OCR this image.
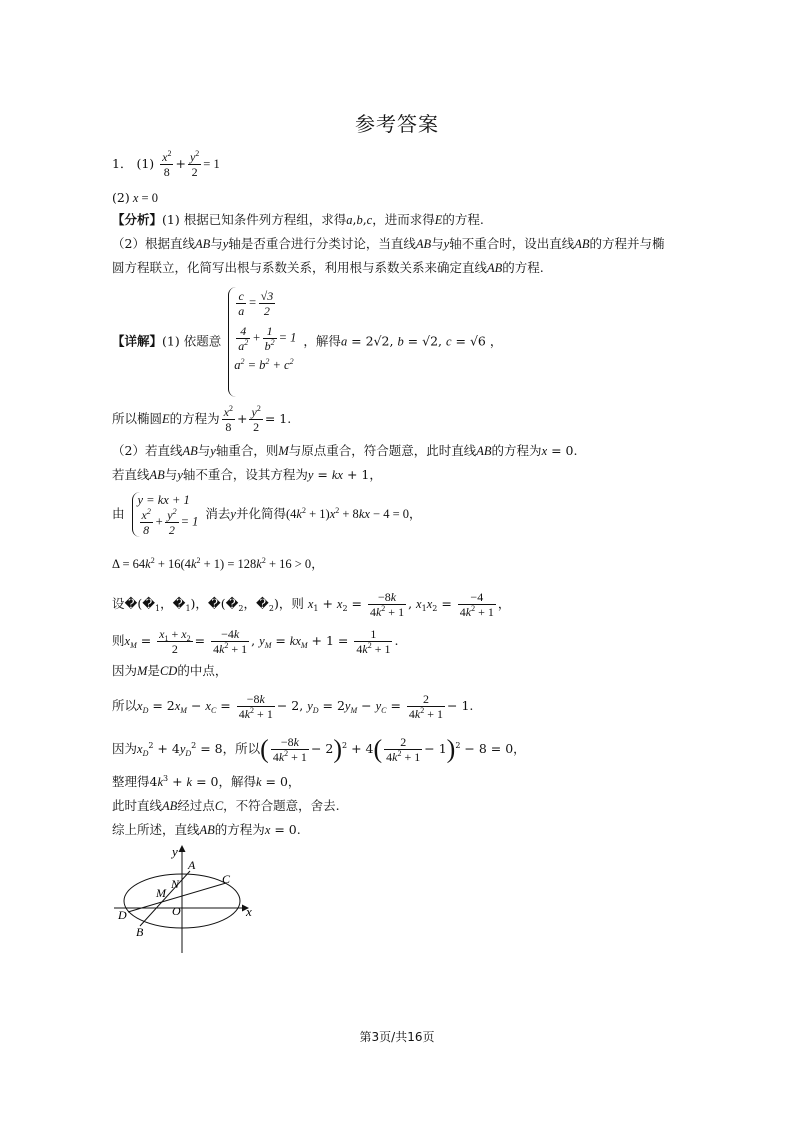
参考答案
1． $(1) \frac{x^2}{8} + \frac{y^2}{2} = 1$
(2) x = 0
【分析】(1) 根据已知条件列方程组，求得a,b,c，进而求得E的方程.
（2）根据直线AB与y轴是否重合进行分类讨论，当直线AB与y轴不重合时，设出直线AB的方程并与椭
圆方程联立，化简写出根与系数关系，利用根与系数关系来确定直线AB的方程.
【详解】(1) 依题意
$\frac{c}{a} = \frac{√3}{2}$
$\frac{4}{a^2} + \frac{1}{b^2} = 1$
$a^2 = b^2 + c^2$
，解得a = 2√2, b = √2, c = √6 ，
所以椭圆E的方程为 $\frac{x^2}{8} + \frac{y^2}{2} = 1$.
（2）若直线AB与y轴重合，则M与原点重合，符合题意，此时直线AB的方程为x = 0.
若直线AB与y轴不重合，设其方程为y = kx + 1，
由
y = kx + 1
$\frac{x^2}{8} + \frac{y^2}{2} = 1$
消去y并化简得$(4k^2 + 1)x^2 + 8kx - 4 = 0$，
$\Delta = 64k^2 + 16(4k^2 + 1) = 128k^2 + 16 > 0$，
设$�(�_1$，$�_1$)，$�(�_2$，$�_2$)，则 $x_1 + x_2 = \frac{-8k}{4k^2 + 1}$ , $x_1x_2 = \frac{-4}{4k^2 + 1}$ ，
则$x_M = \frac{x_1 + x_2}{2} = \frac{-4k}{4k^2 + 1}$ , $y_M = kx_M + 1 = \frac{1}{4k^2 + 1}$ .
因为M是CD的中点，
所以$x_D = 2x_M - x_C = \frac{-8k}{4k^2 + 1} - 2$, $y_D = 2y_M - y_C = \frac{2}{4k^2 + 1} - 1$.
因为$x_D^2 + 4y_D^2 = 8$，所以( $\frac{-8k}{4k^2 + 1} - 2)^2 + 4( \frac{2}{4k^2 + 1} - 1)^2 - 8 = 0$，
整理得$4k^3 + k = 0$，解得k = 0，
此时直线AB经过点C，不符合题意，舍去.
综上所述，直线AB的方程为x = 0.
y
x
A
N	C
M
O
D
B
第3页/共16页
